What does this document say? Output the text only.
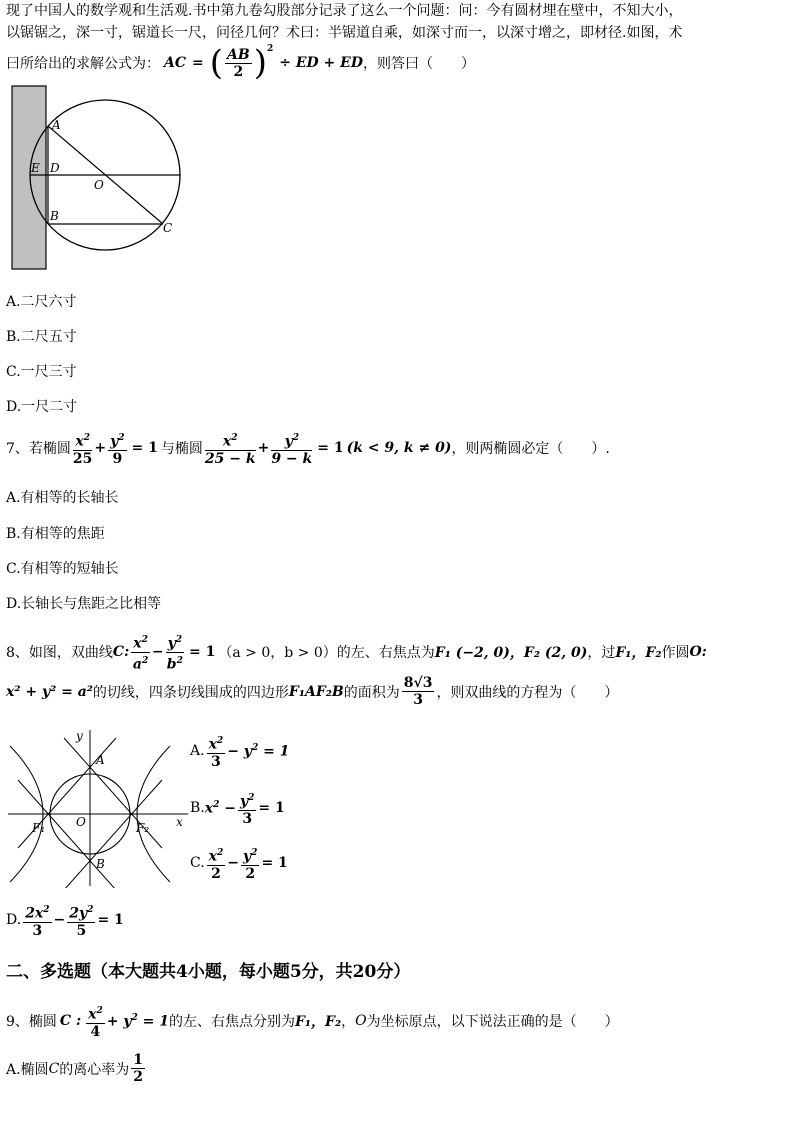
现了中国人的数学观和生活观.书中第九卷勾股部分记录了这么一个问题：问：今有圆材埋在壁中，不知大小，
以锯锯之，深一寸，锯道长一尺，问径几何？术曰：半锯道自乘，如深寸而一，以深寸增之，即材径.如图，术
曰所给出的求解公式为： AC = ( $\frac{AB}{2} )^2$
÷ ED + ED ，则答曰（　　）
A
E D
O
B
C
A.二尺六寸
B.二尺五寸
C.一尺三寸
D.一尺二寸
7、若椭圆 $\frac{x^2}{25} + \frac{y^2}{9} = 1$ 与椭圆 $\frac{x^2}{25 - k} + \frac{y^2}{9 - k} = 1$ (k < 9, k ≠ 0) ，则两椭圆必定（　　）.
A.有相等的长轴长
B.有相等的焦距
C.有相等的短轴长
D.长轴长与焦距之比相等
8、如图，双曲线 C: $\frac{x^2}{a^2} - \frac{y^2}{b^2} = 1$ （a > 0，b > 0） 的左、右焦点为 F₁ (−2, 0)，F₂ (2, 0) ，过 F₁，F₂ 作圆 O:
x² + y² = a² 的切线，四条切线围成的四边形 F₁AF₂B 的面积为 $\frac{8√3}{3}$ ，则双曲线的方程为（　　）
x
y
A
B
O
F₁	F₂
A. $\frac{x^2}{3} - y^2 = 1$
B. $x^2 - \frac{y^2}{3} = 1$
C. $\frac{x^2}{2} - \frac{y^2}{2} = 1$
D. $\frac{2x^2}{3} - \frac{2y^2}{5} = 1$
二、多选题（本大题共4小题，每小题5分，共20分）
9、椭圆 C : $\frac{x^2}{4} + y^2 = 1$ 的左、右焦点分别为 F₁，F₂ ， O 为坐标原点，以下说法正确的是（　　）
A.椭圆 C 的离心率为 $\frac{1}{2}$
